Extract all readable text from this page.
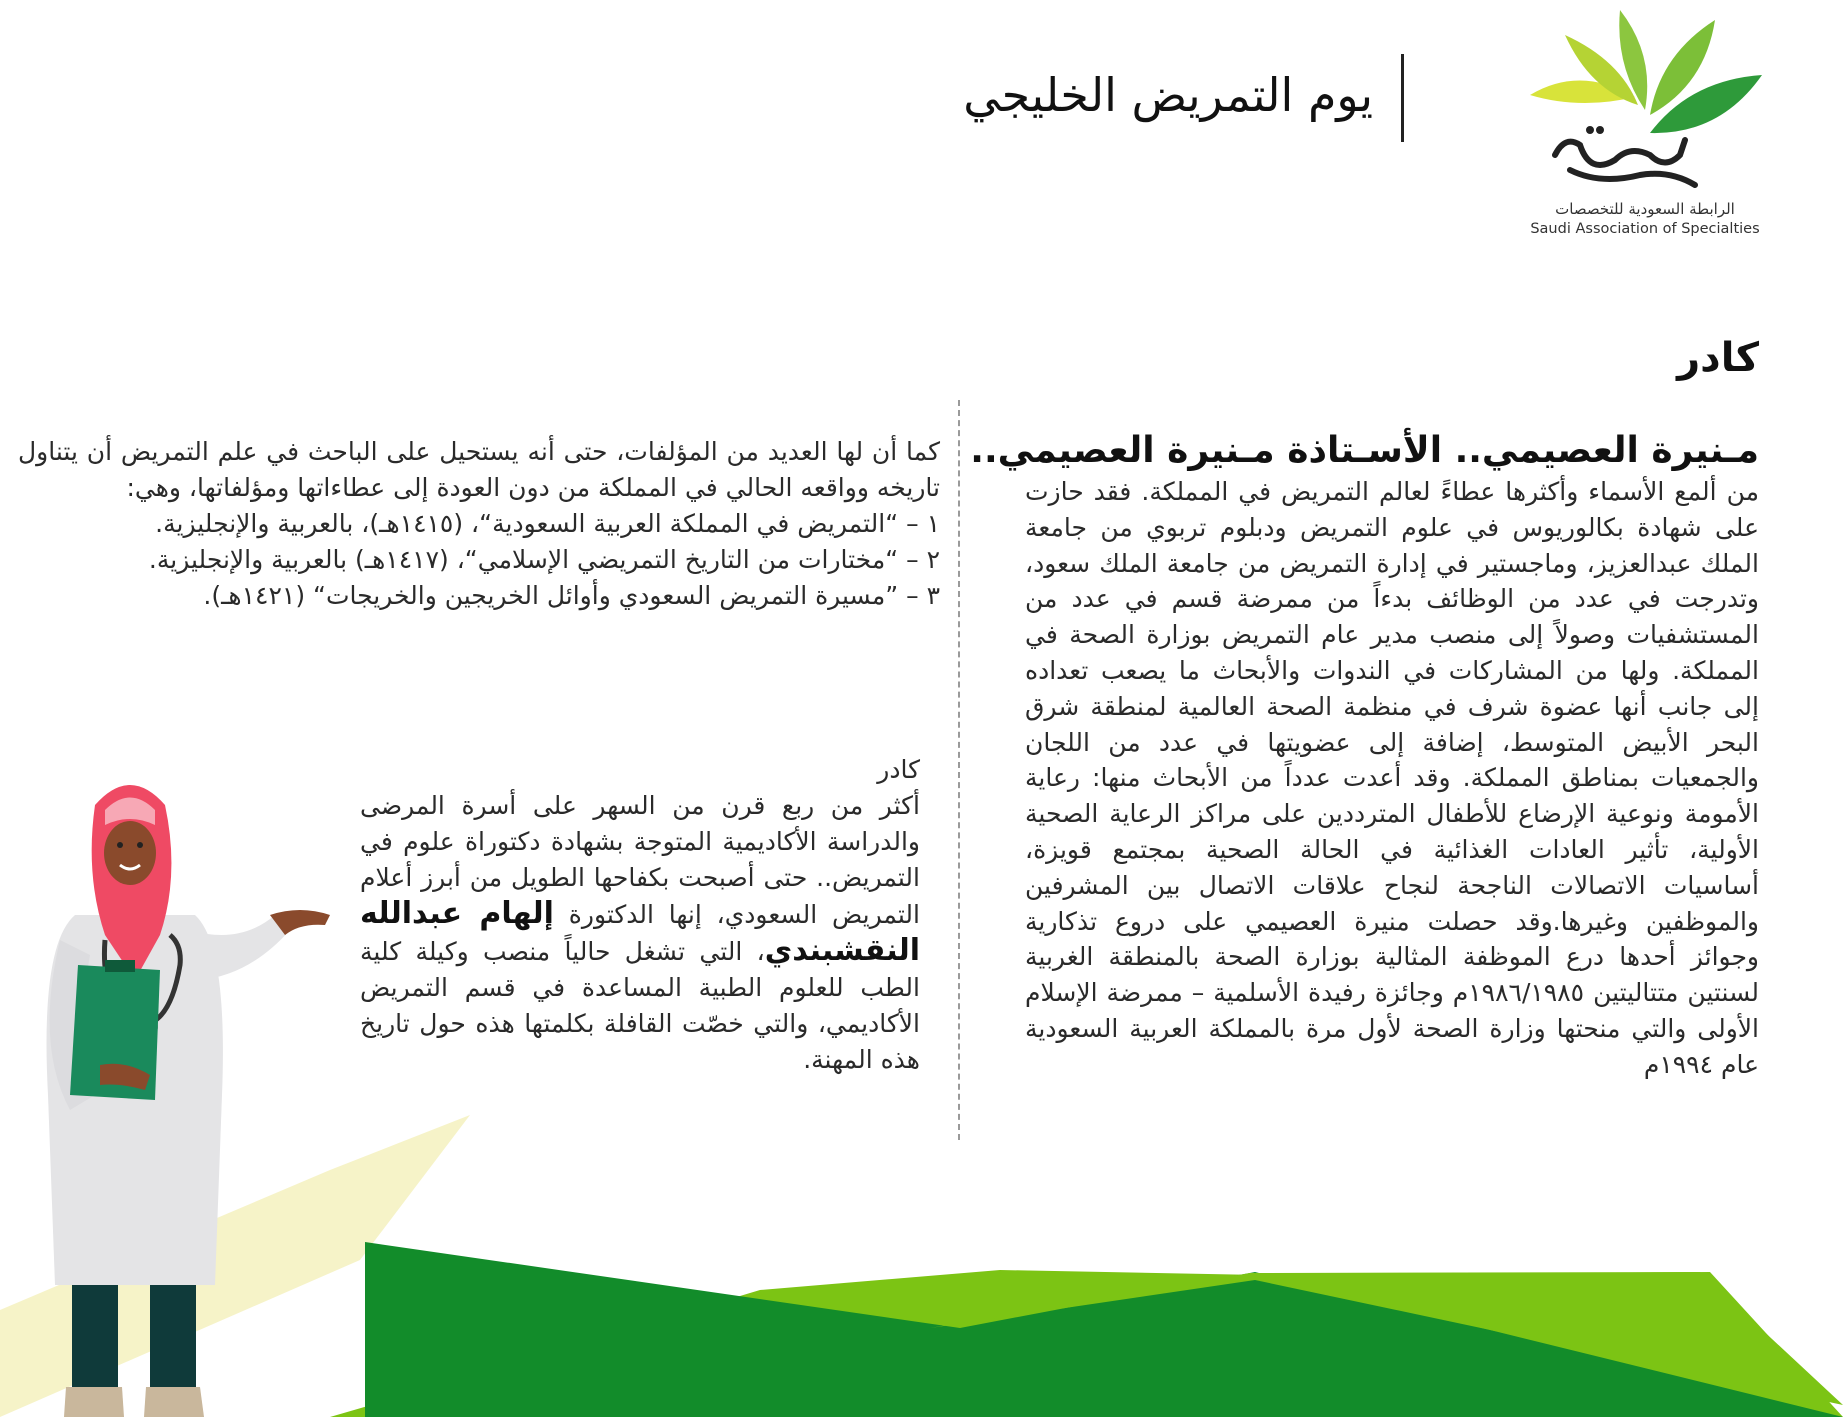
يوم التمريض الخليجي
الرابطة السعودية للتخصصات
Saudi Association of Specialties
كادر
مـنيرة العصيمي.. الأسـتاذة مـنيرة العصيمي..
من ألمع الأسماء وأكثرها عطاءً لعالم التمريض في المملكة. فقد حازت على شهادة بكالوريوس في علوم التمريض ودبلوم تربوي من جامعة الملك عبدالعزيز، وماجستير في إدارة التمريض من جامعة الملك سعود، وتدرجت في عدد من الوظائف بدءاً من ممرضة قسم في عدد من المستشفيات وصولاً إلى منصب مدير عام التمريض بوزارة الصحة في المملكة. ولها من المشاركات في الندوات والأبحاث ما يصعب تعداده إلى جانب أنها عضوة شرف في منظمة الصحة العالمية لمنطقة شرق البحر الأبيض المتوسط، إضافة إلى عضويتها في عدد من اللجان والجمعيات بمناطق المملكة. وقد أعدت عدداً من الأبحاث منها: رعاية الأمومة ونوعية الإرضاع للأطفال المترددين على مراكز الرعاية الصحية الأولية، تأثير العادات الغذائية في الحالة الصحية بمجتمع قويزة، أساسيات الاتصالات الناجحة لنجاح علاقات الاتصال بين المشرفين والموظفين وغيرها.وقد حصلت منيرة العصيمي على دروع تذكارية وجوائز أحدها درع الموظفة المثالية بوزارة الصحة بالمنطقة الغربية لسنتين متتاليتين ١٩٨٦/١٩٨٥م وجائزة رفيدة الأسلمية – ممرضة الإسلام الأولى والتي منحتها وزارة الصحة لأول مرة بالمملكة العربية السعودية عام ١٩٩٤م

كما أن لها العديد من المؤلفات، حتى أنه يستحيل على الباحث في علم التمريض أن يتناول تاريخه وواقعه الحالي في المملكة من دون العودة إلى عطاءاتها ومؤلفاتها، وهي:

١ – “التمريض في المملكة العربية السعودية“، (١٤١٥هـ)، بالعربية والإنجليزية.

٢ – “مختارات من التاريخ التمريضي الإسلامي“، (١٤١٧هـ) بالعربية والإنجليزية.

٣ – ”مسيرة التمريض السعودي وأوائل الخريجين والخريجات“ (١٤٢١هـ).

كادر
أكثر من ربع قرن من السهر على أسرة المرضى والدراسة الأكاديمية المتوجة بشهادة دكتوراة علوم في التمريض.. حتى أصبحت بكفاحها الطويل من أبرز أعلام التمريض السعودي، إنها الدكتورة إلهام عبدالله النقشبندي، التي تشغل حالياً منصب وكيلة كلية الطب للعلوم الطبية المساعدة في قسم التمريض الأكاديمي، والتي خصّت القافلة بكلمتها هذه حول تاريخ هذه المهنة.
